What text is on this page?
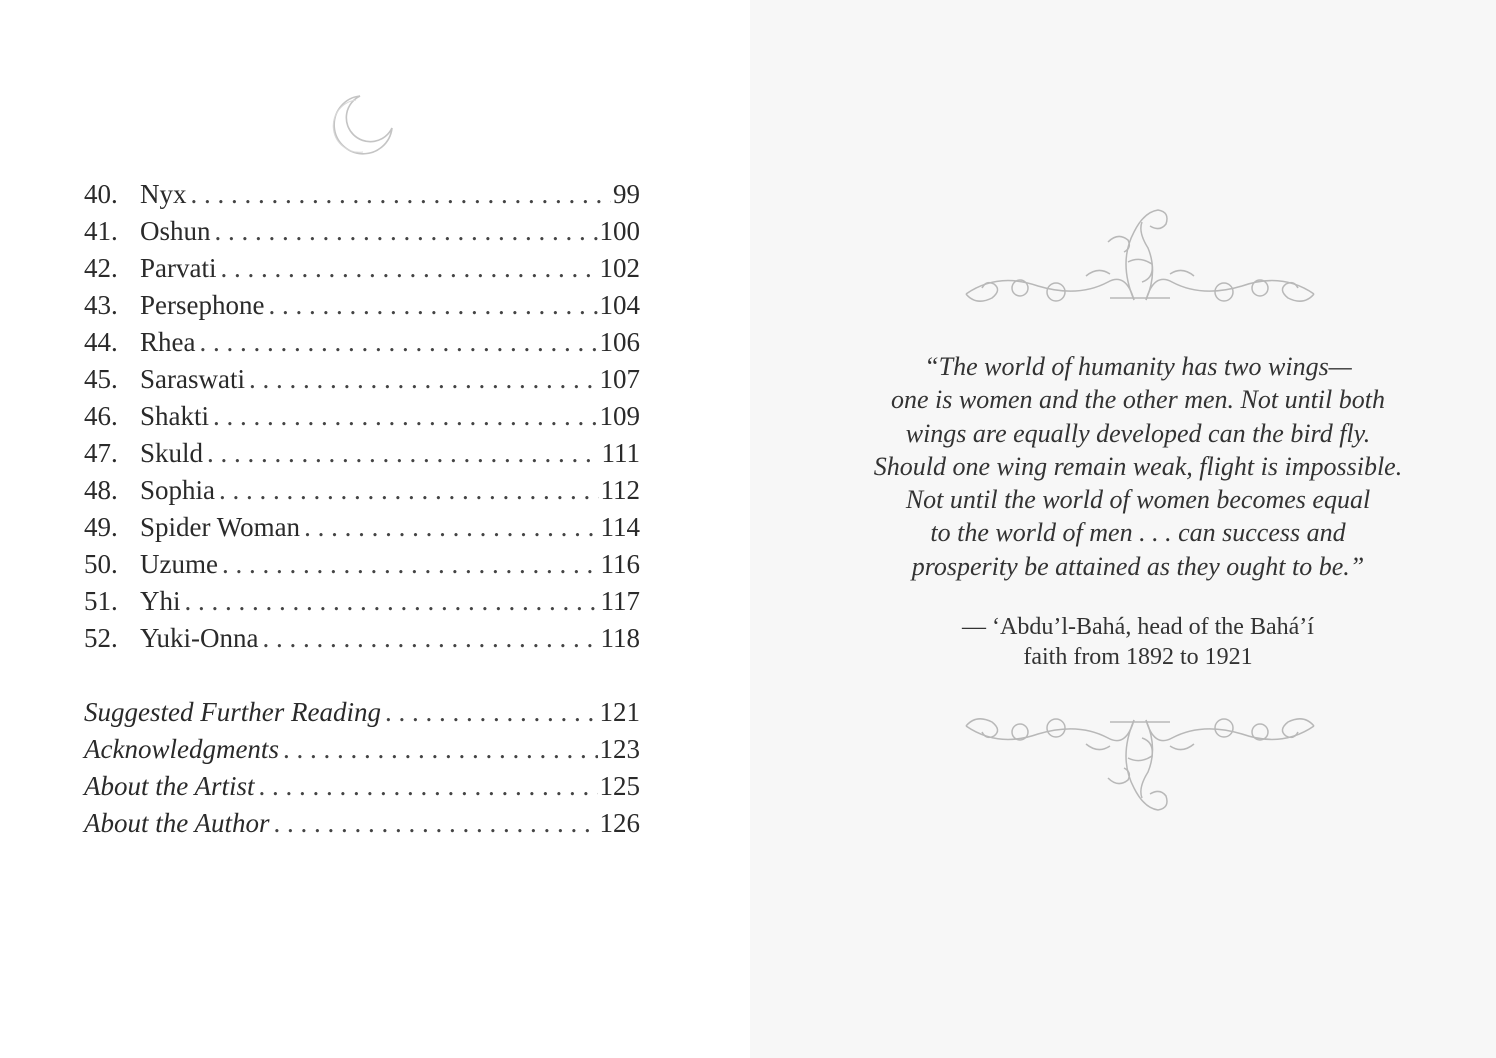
40. Nyx . . .	99
41. Oshun . . .	100
42. Parvati . . .	102
43. Persephone . . .	104
44. Rhea . . .	106
45. Saraswati . . .	107
46. Shakti . . .	109
47. Skuld . . .	111
48. Sophia . . .	112
49. Spider Woman . . .	114
50. Uzume . . .	116
51. Yhi . . .	117
52. Yuki-Onna . . .	118
Suggested Further Reading . . .	121
Acknowledgments . . .	123
About the Artist . . .	125
About the Author . . .	126
“The world of humanity has two wings—
one is women and the other men. Not until both
wings are equally developed can the bird fly.
Should one wing remain weak, flight is impossible.
Not until the world of women becomes equal
to the world of men . . . can success and
prosperity be attained as they ought to be.”
— ‘Abdu’l-Bahá, head of the Bahá’í
faith from 1892 to 1921
